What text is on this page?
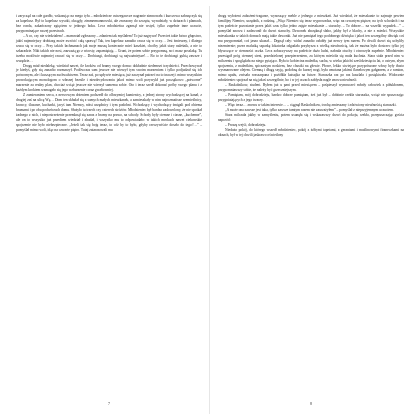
i zarycząd na całe gardło, wskazując na mego tyłu – młodzieńcze ostrzegawcze nagranie zimnowała i kurczowa zabrzęczyk się za kapelusz. Był to kapelusz wysoki, okrągły, zimmermannowski, ale znoszony do szczętu, wyrudziały, w dziurach i plamach, bez ronda, zakańczony zgięciem w jednego boku. Lecz młodzieńca zgarnął nie wstyd, tylko zupełnie inne uczucie, przypominające raczej przestrach.

– A co, czy nie wiedziałem! – mamrotał zgłoszony – zdaniem tak myślałem! To już nagrywa! Przecież takie łatwo głupstwo, jakiś najmniejszy drobiazg może zwrócić całą sprawę! Tak, ten kapelusz zanadto rzuca się w oczy… Jest śmieszny, i dlatego rzuca się w oczy… Przy takich łachmanach jak moje muszę koniecznie mieć kaszkiet, choćby jakiś stary naleśnik, a nie to szkaradzie. Nikt takich nie nosi, zauważą go z wiorsty, zapamiętają… Grunt, że potem sobie przypomną, no i masz poszlakę. Tu trzeba możliwie najmniej rzucać się w oczy… Drobiazgi, drobiazgi są najważniejsze!… Bo to te drobiazgi gubią zawsze i wszędzie…

Drogę miał niedaleką; wiedział nawet, ile kroków od bramy swego domu: dokładnie siedemset trzydzieści. Przechowywał je kiedyś, gdy się zanadto rozmarzył. Podówczas sam jeszcze nie wierzył tym swoim marzeniom i tylko podjudzał się ich potwornym, ale i kuszącym zuchwalstwem. Teraz zaś, po upływie miesiąca, już zaczynał patrzeć na to inaczej i mimo wszystkim prowokującym monologom o własnej bezsile i niezdecydowaniu jakoś mimo woli przywykł już początkowo „potworne” marzenie za realny plan, chociaż wciąż jeszcze nie wierzył samemu sobie. Oto i teraz szedł dokonać próby swego planu i z każdym krokiem wzmagało się jego wzburzenie coraz gwałtowniej.

Z zamieraniem serca, z nerwowym drżeniem podszedł do olbrzymiej kamienicy, z jednej strony wychodzącej na kanał, z drugiej zaś na ulicę Wą… Dom ten składał się z samych małych mieszkanek, a zamieszkały w nim najrozmaitsze rzemieślnicy, krawcy, ślusarze, kucharki, jacyś tam Niemcy, niżsi urzędnicy i tym podobni. Wchodzący i wychodzący śmigali pod obiema bramami i po obu podwórzach domu. Służyło tu trzech czy czterech stróżów. Młodzieniec był bardzo zadowolony, że nie spotkał żadnego z nich, i niepostrzeżenie przemknął się zaraz z bramy na prawo, na schody. Schody były ciemne i ciasne, „kuchenne”, ale on to wszystko już przedtem wiedział i zbadał, i wszystko mu to odpowiadało: w takich mrokach nawet ciekawskie spojrzenie nie było niebezpieczne. „Jeżeli tak się boję teraz, to cóż by to było, gdyby rzeczywiście doszło do tego?…” – pomyślał mimo woli, idąc na czwarte piętro. Tutaj zatarasowali mu

7

drogę wyłożeni zubożeni-tragarze, wynoszący meble z jednego z mieszkań. Już wiedział, że mieszkanie to zajmuje pewien familijny Niemiec, urzędnik, z rodziną. „Więc Niemiec się teraz wyprowadza, więc na czwartym piętrze, na tych schodach i na tym podeście pozostanie przez jakiś czas tylko jedno zajęte mieszkanie – staruchy. – To dobrze… na wszelki wypadek…” – pomyślał znowu i zadzwonił do drzwi staruchy. Dzwonek zbrzęknął słabo, jakby był z blachy, a nie z miedzi. Wszystkie mieszkanka w takich domach mają takie dzwonki. Już nie pamiętał tego podobnego dźwięku i jakoś ten szczególny dźwięk coś mu przypomniał, coś jasno ukazał… Drgnął cały: widać zanadto osłabły już nerwy tym razem. Po chwili drzwi się uchyliły niezmiernie; przez malutką szparkę lokatorka odgadała przybysza z wielką nieufnością, tak że można było dostrzec tylko jej błyszczące w ciemności oczka. Lecz zobaczywszy na podeście dużo ludzi, nabrała otuchy i otworzyła zupełnie. Młodzieniec przestąpił próg ciemnej sieni, przedzielonej przepierzeniem, za którym mieściła się mała kuchnia. Stara stała przed nim w milczeniu i spoglądała na niego pytająco. Była to kobiecina maleńka, sucha, w wieku jakichś sześćdziesięciu lat, o ostrym, złym spojrzeniu, z maleńkim, spiczastym noskiem, bez chustki na głowie. Płowe, lekko siwiejące przyprószone włosy były tłusto wysmarowane olejem. Ciemną i długą szyję, podobną do kurzej nogi, była omotana jakimś flanelowym gałganem, a z ramion, mimo upału, zwisała rozszarpana i pożółkła katsajka na futrze. Staruszka raz po raz kaszlała i postękiwała. Widocznie młodzieniec spojrzał na nią jakoś szczególnie, bo i w jej oczach zabłysła nagle znowu nieufność.

– Raskolnikow, student. Byłem już u pani przed miesiącem – pośpieszył wymruczeć młody człowiek z półukłonem, przypomniawszy sobie, że należy być grzeczniejszym.

– Pamiętam, mój dobrodzieju, bardzo dobrze pamiętam, żeś już był – dobitnie rzekła staruszka, wciąż nie spuszczając przygniatających z jego twarzy.

– Więc teraz… znowu w takim interesie… – ciągnął Raskolnikow, trochę zmieszany i zdziwiony nieufnością staruszki.

„A może ona zawsze jest taka, tylko zawsze tamtym razem nie zauważyłem” – pomyślał z nieprzyjemnym uczuciem.

Stara milczała jakby w zamyśleniu, potem usunęła się i wskazawszy drzwi do pokoju, rzekła, przepuszczając gościa naprzód:

– Proszę wejść, dobrodzieju.

Niedużo pokój, do którego wszedł młodzieniec, pokój z żółtymi tapetami, z geraniami i muślinowymi firaneczkami na oknach, był w tej chwili jaskrawo oświetlony

8
